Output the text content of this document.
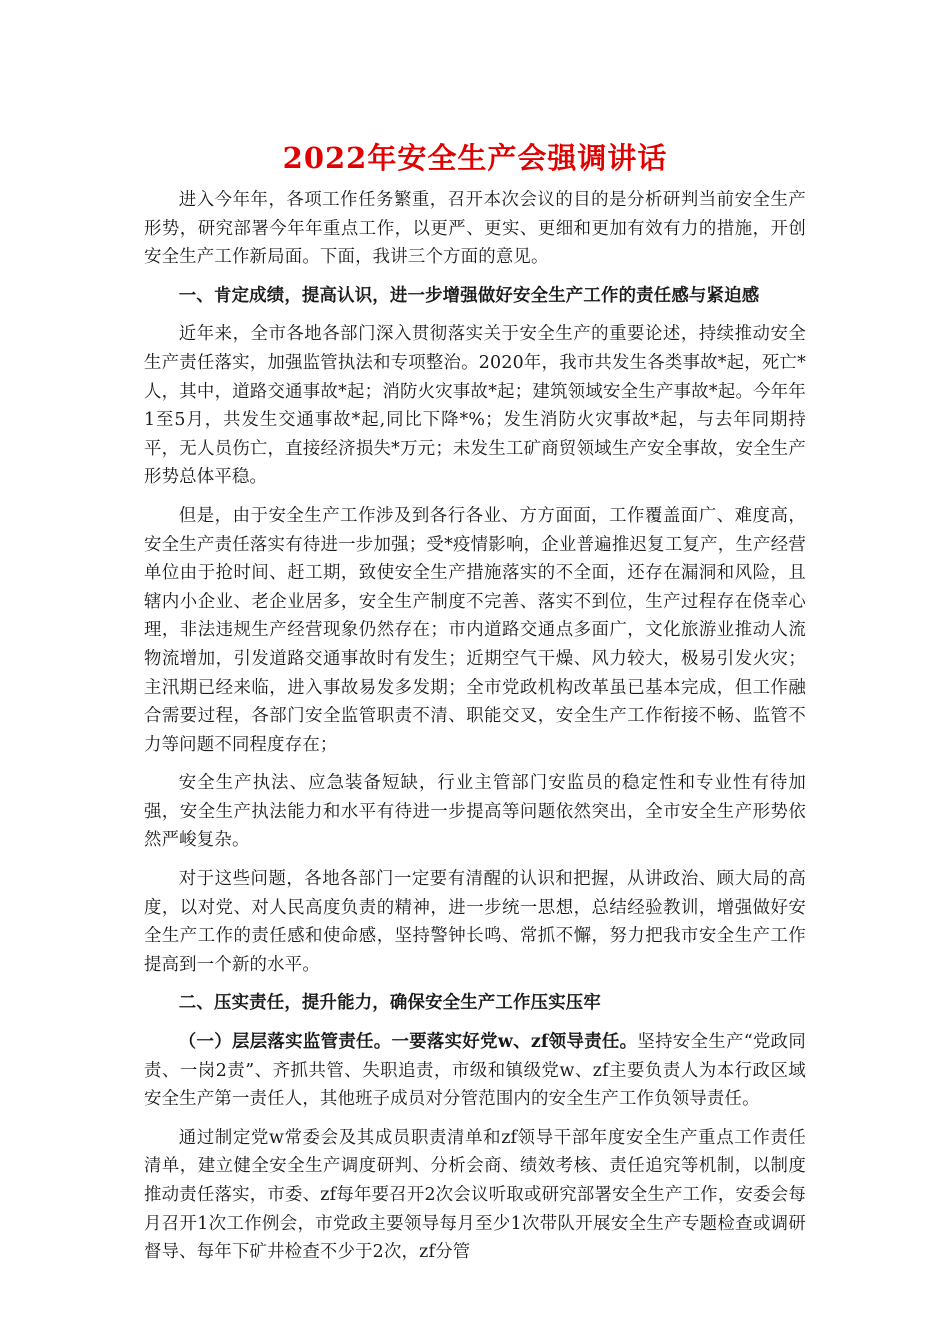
2022年安全生产会强调讲话

进入今年年，各项工作任务繁重，召开本次会议的目的是分析研判当前安全生产形势，研究部署今年年重点工作，以更严、更实、更细和更加有效有力的措施，开创安全生产工作新局面。下面，我讲三个方面的意见。

一、肯定成绩，提高认识，进一步增强做好安全生产工作的责任感与紧迫感

近年来，全市各地各部门深入贯彻落实关于安全生产的重要论述，持续推动安全生产责任落实，加强监管执法和专项整治。2020年，我市共发生各类事故*起，死亡*人，其中，道路交通事故*起；消防火灾事故*起；建筑领域安全生产事故*起。今年年1至5月，共发生交通事故*起,同比下降*%；发生消防火灾事故*起，与去年同期持平，无人员伤亡，直接经济损失*万元；未发生工矿商贸领域生产安全事故，安全生产形势总体平稳。

但是，由于安全生产工作涉及到各行各业、方方面面，工作覆盖面广、难度高，安全生产责任落实有待进一步加强；受*疫情影响，企业普遍推迟复工复产，生产经营单位由于抢时间、赶工期，致使安全生产措施落实的不全面，还存在漏洞和风险，且辖内小企业、老企业居多，安全生产制度不完善、落实不到位，生产过程存在侥幸心理，非法违规生产经营现象仍然存在；市内道路交通点多面广，文化旅游业推动人流物流增加，引发道路交通事故时有发生；近期空气干燥、风力较大，极易引发火灾；主汛期已经来临，进入事故易发多发期；全市党政机构改革虽已基本完成，但工作融合需要过程，各部门安全监管职责不清、职能交叉，安全生产工作衔接不畅、监管不力等问题不同程度存在；

安全生产执法、应急装备短缺，行业主管部门安监员的稳定性和专业性有待加强，安全生产执法能力和水平有待进一步提高等问题依然突出，全市安全生产形势依然严峻复杂。

对于这些问题，各地各部门一定要有清醒的认识和把握，从讲政治、顾大局的高度，以对党、对人民高度负责的精神，进一步统一思想，总结经验教训，增强做好安全生产工作的责任感和使命感，坚持警钟长鸣、常抓不懈，努力把我市安全生产工作提高到一个新的水平。

二、压实责任，提升能力，确保安全生产工作压实压牢

（一）层层落实监管责任。一要落实好党w、zf领导责任。坚持安全生产“党政同责、一岗2责”、齐抓共管、失职追责，市级和镇级党w、zf主要负责人为本行政区域安全生产第一责任人，其他班子成员对分管范围内的安全生产工作负领导责任。

通过制定党w常委会及其成员职责清单和zf领导干部年度安全生产重点工作责任清单，建立健全安全生产调度研判、分析会商、绩效考核、责任追究等机制，以制度推动责任落实，市委、zf每年要召开2次会议听取或研究部署安全生产工作，安委会每月召开1次工作例会，市党政主要领导每月至少1次带队开展安全生产专题检查或调研督导、每年下矿井检查不少于2次，zf分管
